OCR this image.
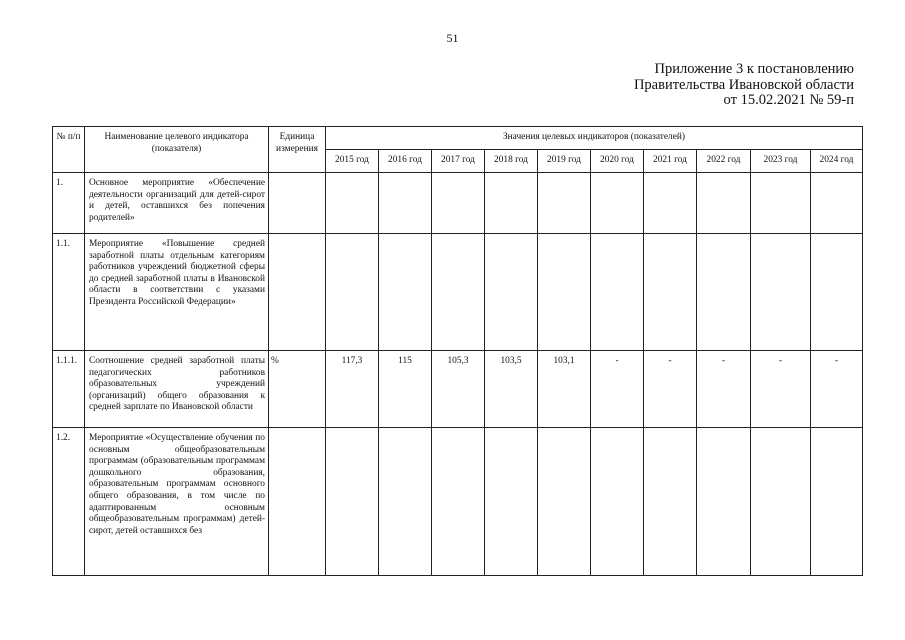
51
Приложение 3 к постановлению
Правительства Ивановской области
от 15.02.2021 № 59-п
№ п/п	Наименование целевого индикатора (показателя)	Единица измерения	Значения целевых индикаторов (показателей)									
			2015 год	2016 год	2017 год	2018 год	2019 год	2020 год	2021 год	2022 год	2023 год	2024 год
1.	Основное мероприятие «Обеспечение деятельности организаций для детей-сирот и детей, оставшихся без попечения родителей»											

1.1.	Мероприятие «Повышение средней заработной платы отдельным категориям работников учреждений бюджетной сферы до средней заработной платы в Ивановской области в соответствии с указами Президента Российской Федерации»											

1.1.1.	Соотношение средней заработной платы педагогических работников образовательных учреждений (организаций) общего образования к средней зарплате по Ивановской области	%	117,3	115	105,3	103,5	103,1	-	-	-	-	-
1.2.	Мероприятие «Осуществление обучения по основным общеобразовательным программам (образовательным программам дошкольного образования, образовательным программам основного общего образования, в том числе по адаптированным основным общеобразовательным программам) детей-сирот, детей оставшихся без											
